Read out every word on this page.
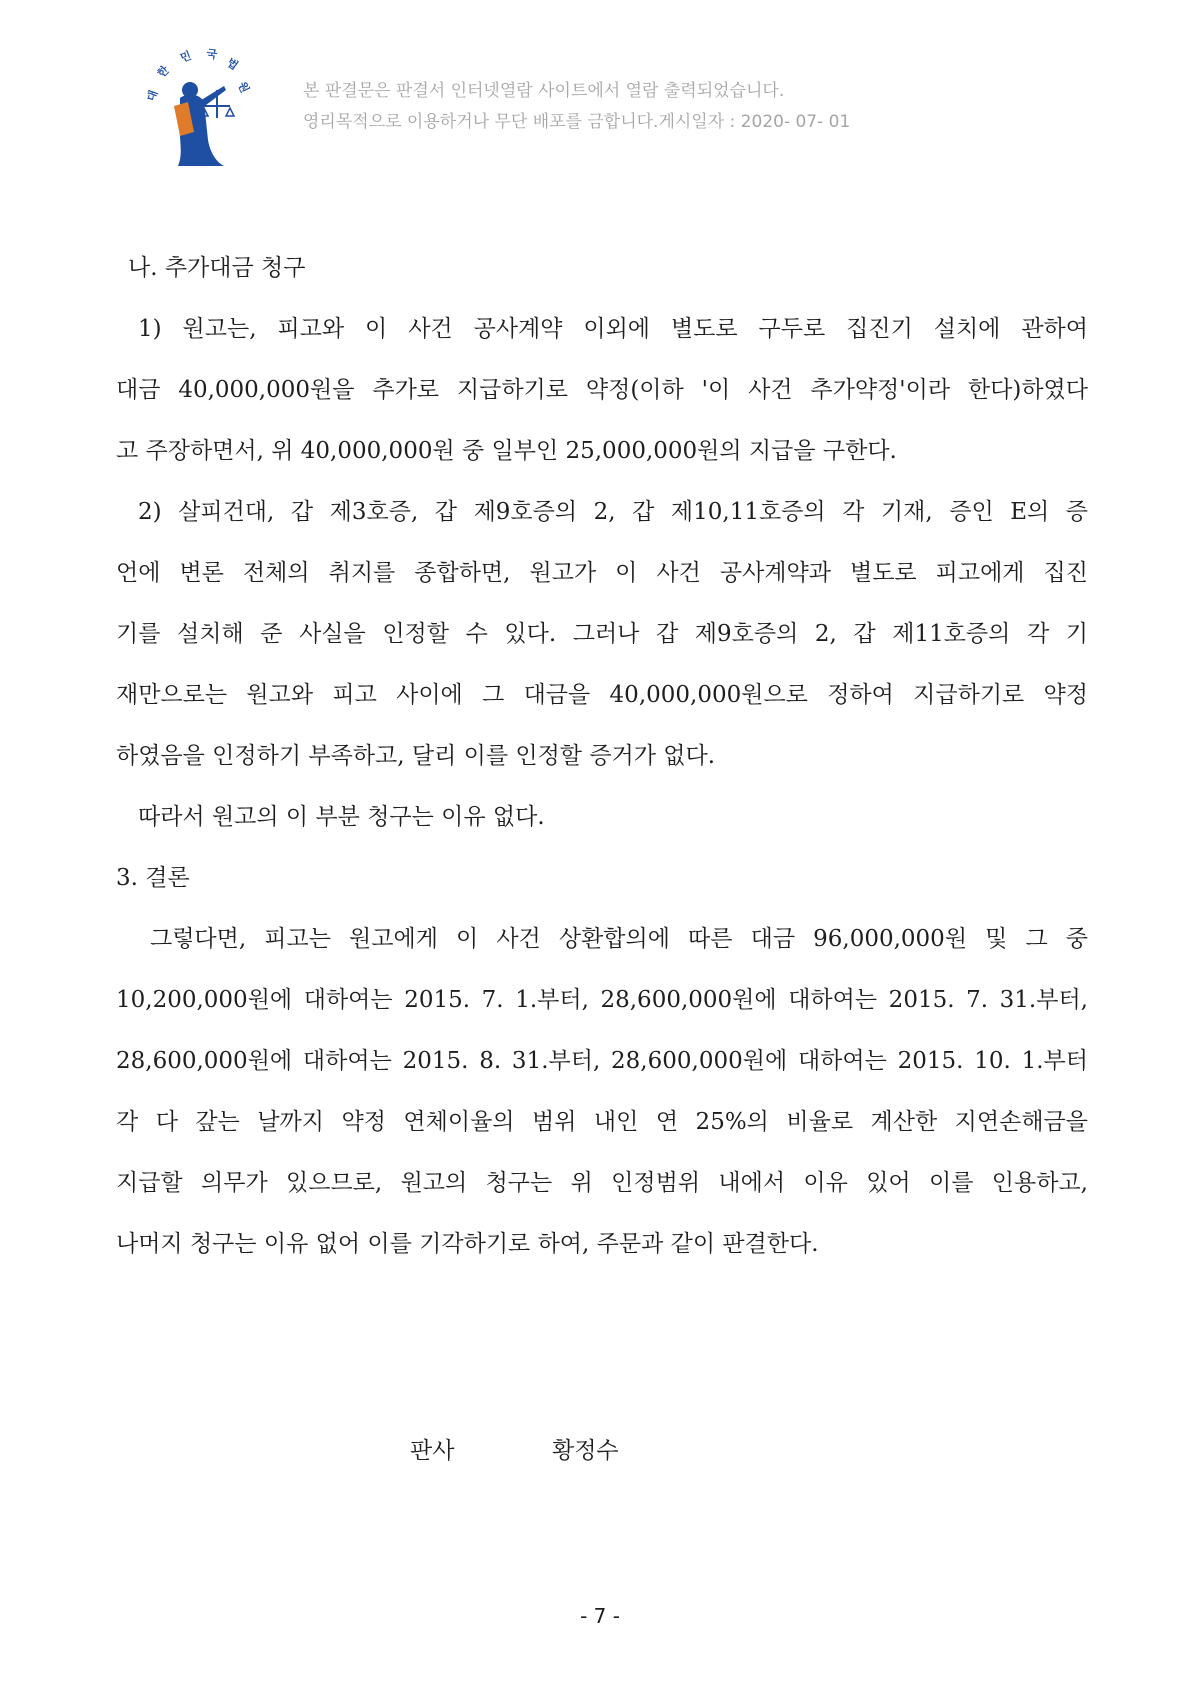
대
한
민 국
법
원	본 판결문은 판결서 인터넷열람 사이트에서 열람 출력되었습니다.
영리목적으로 이용하거나 무단 배포를 금합니다.게시일자 : 2020- 07- 01
나. 추가대금 청구
1) 원고는, 피고와 이 사건 공사계약 이외에 별도로 구두로 집진기 설치에 관하여
대금 40,000,000원을 추가로 지급하기로 약정(이하 '이 사건 추가약정'이라 한다)하였다
고 주장하면서, 위 40,000,000원 중 일부인 25,000,000원의 지급을 구한다.
2) 살피건대, 갑 제3호증, 갑 제9호증의 2, 갑 제10,11호증의 각 기재, 증인 E의 증
언에 변론 전체의 취지를 종합하면, 원고가 이 사건 공사계약과 별도로 피고에게 집진
기를 설치해 준 사실을 인정할 수 있다. 그러나 갑 제9호증의 2, 갑 제11호증의 각 기
재만으로는 원고와 피고 사이에 그 대금을 40,000,000원으로 정하여 지급하기로 약정
하였음을 인정하기 부족하고, 달리 이를 인정할 증거가 없다.
따라서 원고의 이 부분 청구는 이유 없다.
3. 결론
그렇다면, 피고는 원고에게 이 사건 상환합의에 따른 대금 96,000,000원 및 그 중
10,200,000원에 대하여는 2015. 7. 1.부터, 28,600,000원에 대하여는 2015. 7. 31.부터,
28,600,000원에 대하여는 2015. 8. 31.부터, 28,600,000원에 대하여는 2015. 10. 1.부터
각 다 갚는 날까지 약정 연체이율의 범위 내인 연 25%의 비율로 계산한 지연손해금을
지급할 의무가 있으므로, 원고의 청구는 위 인정범위 내에서 이유 있어 이를 인용하고,
나머지 청구는 이유 없어 이를 기각하기로 하여, 주문과 같이 판결한다.
판사	황정수
- 7 -
